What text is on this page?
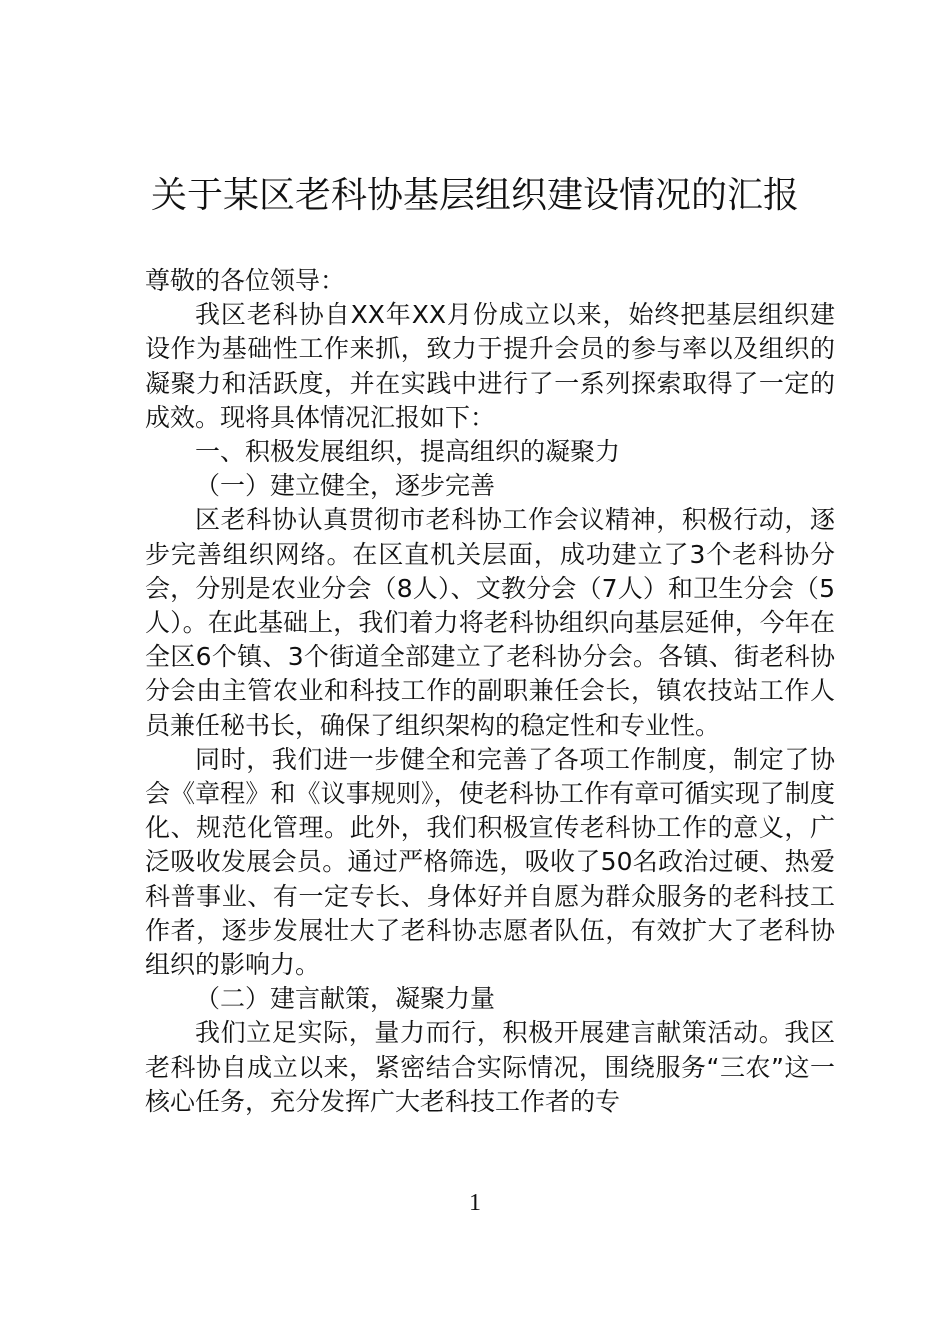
关于某区老科协基层组织建设情况的汇报

尊敬的各位领导：

我区老科协自XX年XX月份成立以来，始终把基层组织建设作为基础性工作来抓，致力于提升会员的参与率以及组织的凝聚力和活跃度，并在实践中进行了一系列探索取得了一定的成效。现将具体情况汇报如下：

一、积极发展组织，提高组织的凝聚力

（一）建立健全，逐步完善

区老科协认真贯彻市老科协工作会议精神，积极行动，逐步完善组织网络。在区直机关层面，成功建立了3个老科协分会，分别是农业分会（8人）、文教分会（7人）和卫生分会（5人）。在此基础上，我们着力将老科协组织向基层延伸，今年在全区6个镇、3个街道全部建立了老科协分会。各镇、街老科协分会由主管农业和科技工作的副职兼任会长，镇农技站工作人员兼任秘书长，确保了组织架构的稳定性和专业性。

同时，我们进一步健全和完善了各项工作制度，制定了协会《章程》和《议事规则》，使老科协工作有章可循实现了制度化、规范化管理。此外，我们积极宣传老科协工作的意义，广泛吸收发展会员。通过严格筛选，吸收了50名政治过硬、热爱科普事业、有一定专长、身体好并自愿为群众服务的老科技工作者，逐步发展壮大了老科协志愿者队伍，有效扩大了老科协组织的影响力。

（二）建言献策，凝聚力量

我们立足实际，量力而行，积极开展建言献策活动。我区老科协自成立以来，紧密结合实际情况，围绕服务“三农”这一核心任务，充分发挥广大老科技工作者的专

1
